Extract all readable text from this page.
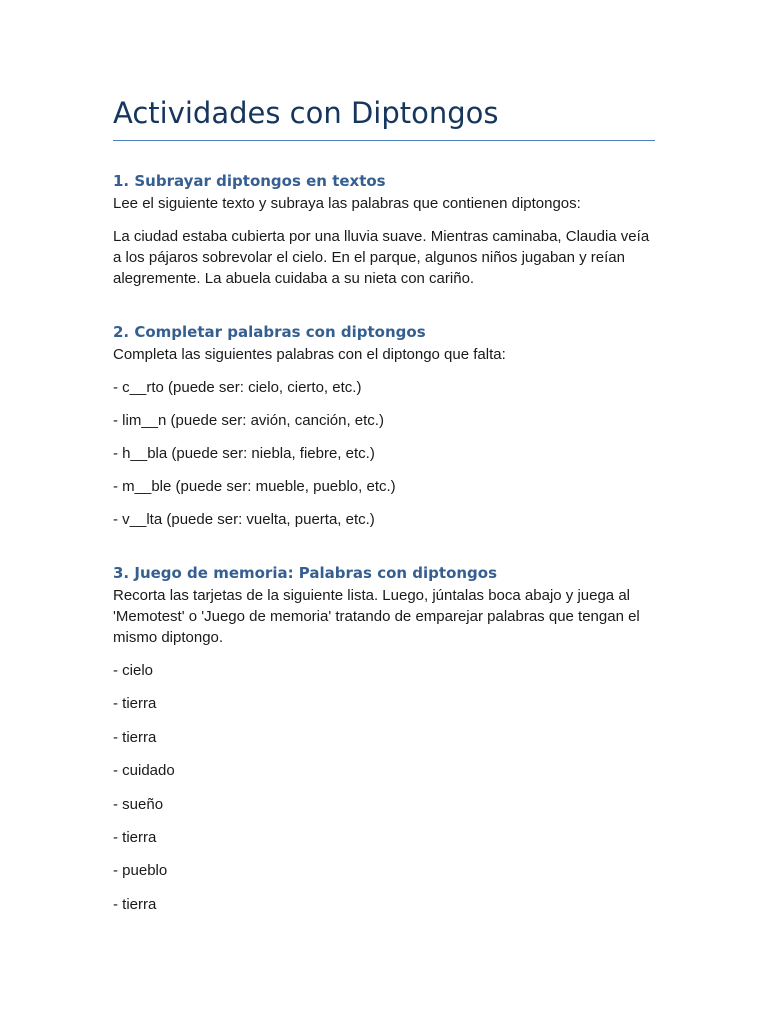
Actividades con Diptongos
1. Subrayar diptongos en textos

Lee el siguiente texto y subraya las palabras que contienen diptongos:

La ciudad estaba cubierta por una lluvia suave. Mientras caminaba, Claudia veía a los pájaros sobrevolar el cielo. En el parque, algunos niños jugaban y reían alegremente. La abuela cuidaba a su nieta con cariño.

2. Completar palabras con diptongos

Completa las siguientes palabras con el diptongo que falta:

- c__rto (puede ser: cielo, cierto, etc.)

- lim__n (puede ser: avión, canción, etc.)

- h__bla (puede ser: niebla, fiebre, etc.)

- m__ble (puede ser: mueble, pueblo, etc.)

- v__lta (puede ser: vuelta, puerta, etc.)

3. Juego de memoria: Palabras con diptongos

Recorta las tarjetas de la siguiente lista. Luego, júntalas boca abajo y juega al 'Memotest' o 'Juego de memoria' tratando de emparejar palabras que tengan el mismo diptongo.

- cielo

- tierra

- tierra

- cuidado

- sueño

- tierra

- pueblo

- tierra
